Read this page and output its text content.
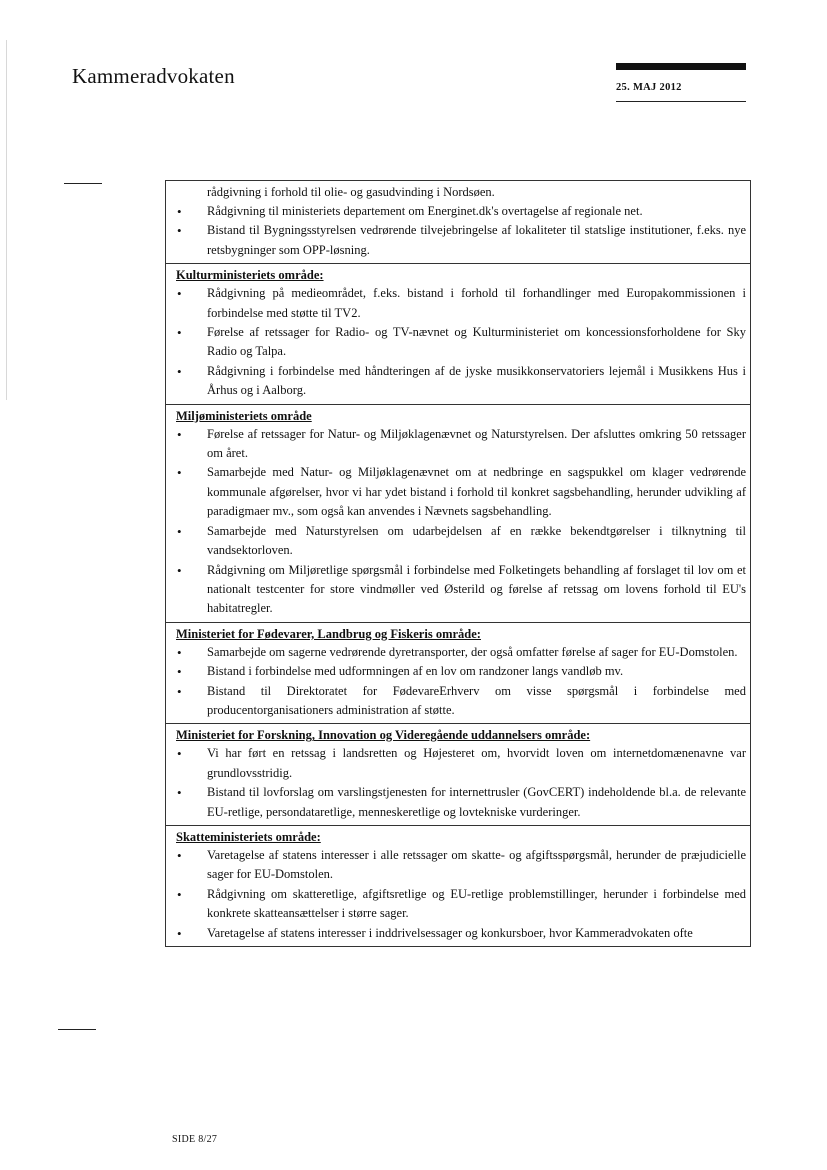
Kammeradvokaten	25. MAJ 2012
rådgivning i forhold til olie- og gasudvinding i Nordsøen.
• Rådgivning til ministeriets departement om Energinet.dk's overtagelse af regionale net.
• Bistand til Bygningsstyrelsen vedrørende tilvejebringelse af lokaliteter til statslige institutioner, f.eks. nye retsbygninger som OPP-løsning.
Kulturministeriets område:
• Rådgivning på medieområdet, f.eks. bistand i forhold til forhandlinger med Europakommissionen i forbindelse med støtte til TV2.
• Førelse af retssager for Radio- og TV-nævnet og Kulturministeriet om koncessionsforholdene for Sky Radio og Talpa.
• Rådgivning i forbindelse med håndteringen af de jyske musikkonservatoriers lejemål i Musikkens Hus i Århus og i Aalborg.
Miljøministeriets område
• Førelse af retssager for Natur- og Miljøklagenævnet og Naturstyrelsen. Der afsluttes omkring 50 retssager om året.
• Samarbejde med Natur- og Miljøklagenævnet om at nedbringe en sagspukkel om klager vedrørende kommunale afgørelser, hvor vi har ydet bistand i forhold til konkret sagsbehandling, herunder udvikling af paradigmaer mv., som også kan anvendes i Nævnets sagsbehandling.
• Samarbejde med Naturstyrelsen om udarbejdelsen af en række bekendtgørelser i tilknytning til vandsektorloven.
• Rådgivning om Miljøretlige spørgsmål i forbindelse med Folketingets behandling af forslaget til lov om et nationalt testcenter for store vindmøller ved Østerild og førelse af retssag om lovens forhold til EU's habitatregler.
Ministeriet for Fødevarer, Landbrug og Fiskeris område:
• Samarbejde om sagerne vedrørende dyretransporter, der også omfatter førelse af sager for EU-Domstolen.
• Bistand i forbindelse med udformningen af en lov om randzoner langs vandløb mv.
• Bistand til Direktoratet for FødevareErhverv om visse spørgsmål i forbindelse med producentorganisationers administration af støtte.
Ministeriet for Forskning, Innovation og Videregående uddannelsers område:
• Vi har ført en retssag i landsretten og Højesteret om, hvorvidt loven om internetdomænenavne var grundlovsstridig.
• Bistand til lovforslag om varslingstjenesten for internettrusler (GovCERT) indeholdende bl.a. de relevante EU-retlige, persondataretlige, menneskeretlige og lovtekniske vurderinger.
Skatteministeriets område:
• Varetagelse af statens interesser i alle retssager om skatte- og afgiftsspørgsmål, herunder de præjudicielle sager for EU-Domstolen.
• Rådgivning om skatteretlige, afgiftsretlige og EU-retlige problemstillinger, herunder i forbindelse med konkrete skatteansættelser i større sager.
• Varetagelse af statens interesser i inddrivelsessager og konkursboer, hvor Kammeradvokaten ofte
SIDE 8/27
